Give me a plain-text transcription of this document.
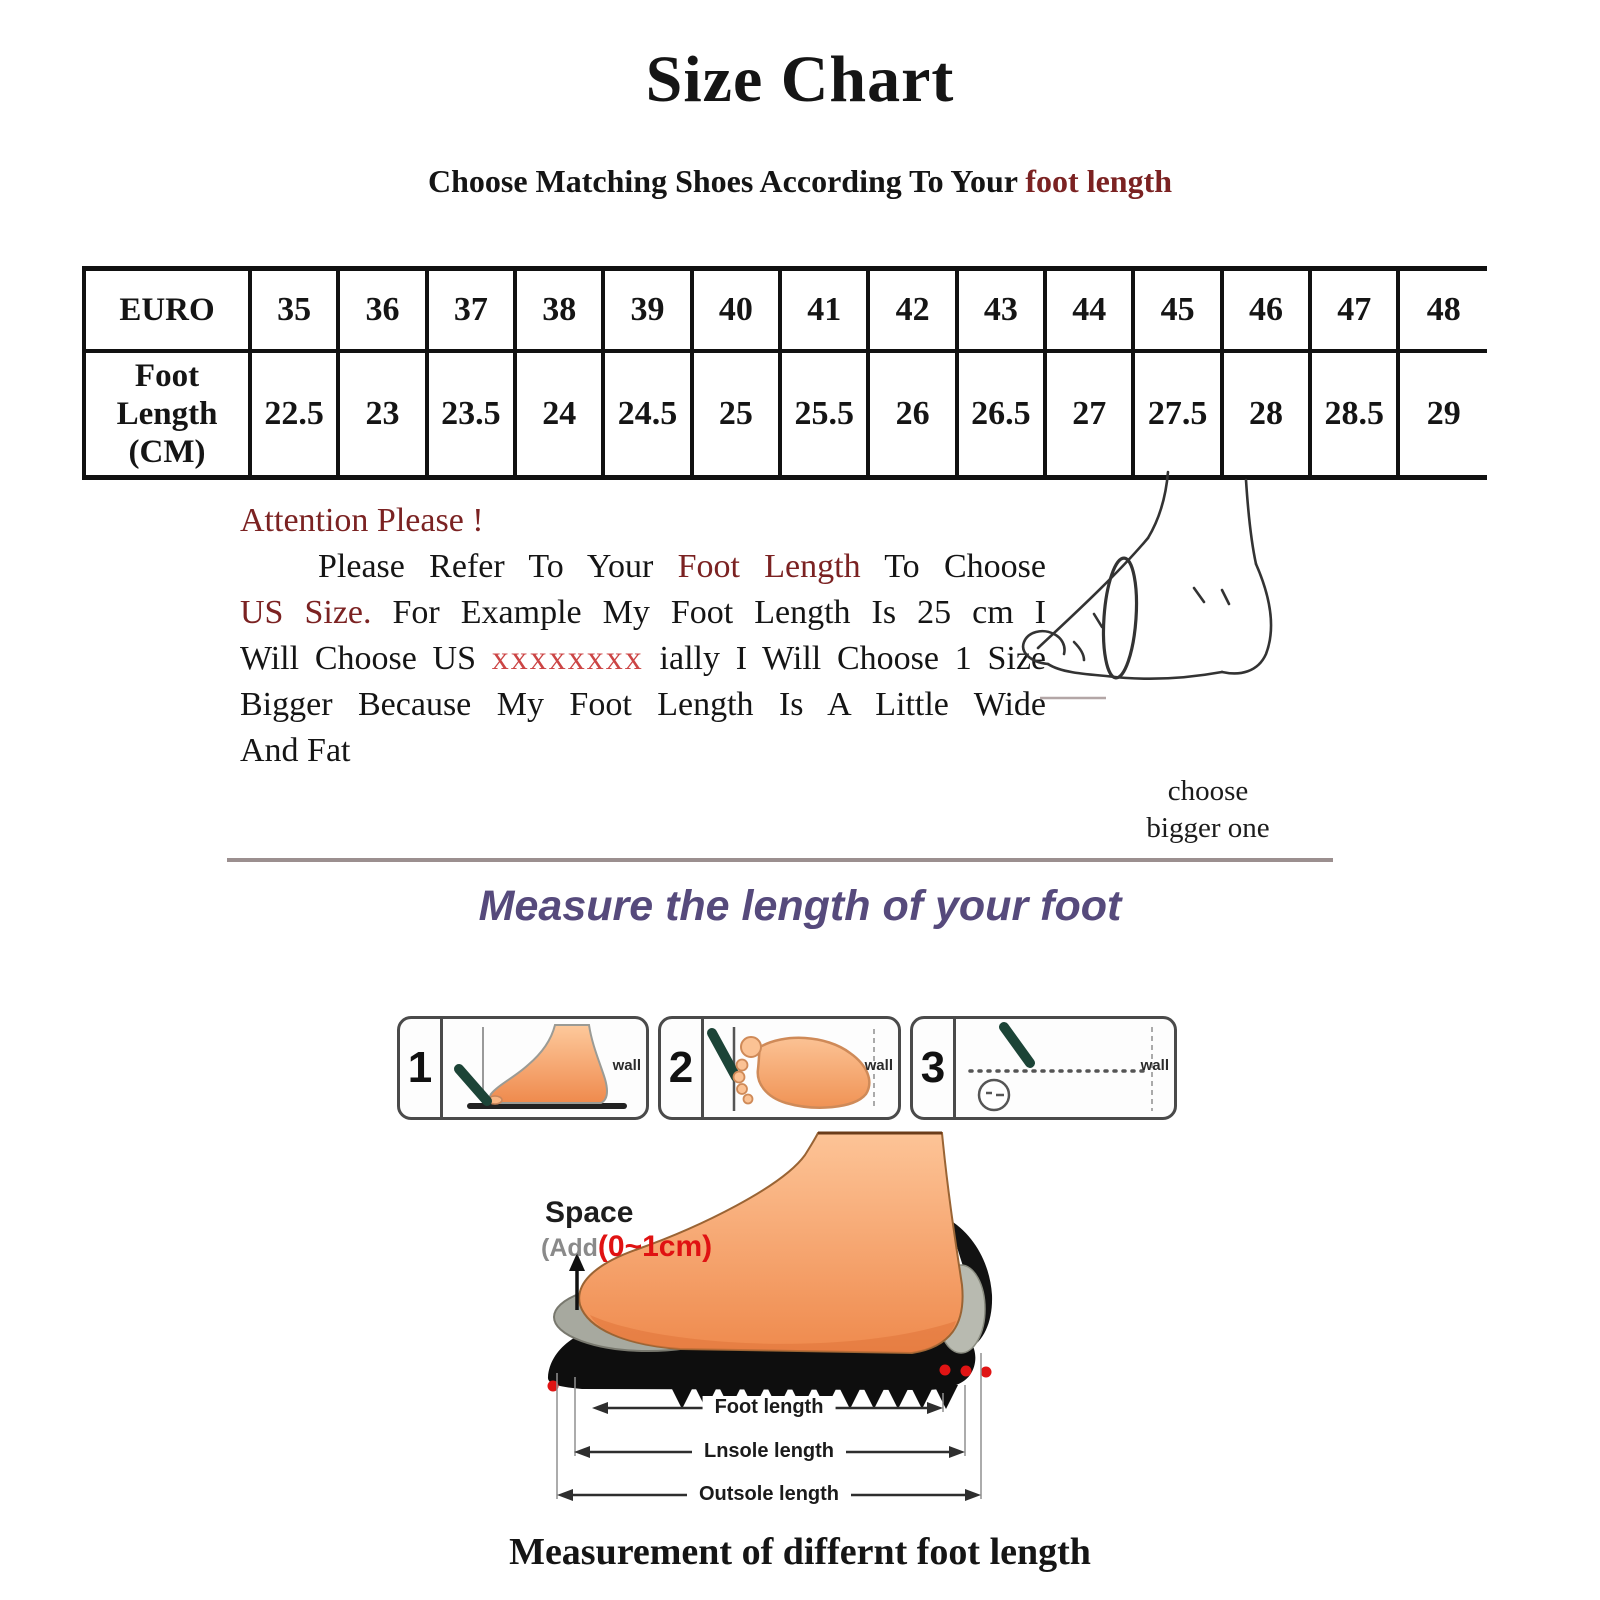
Size Chart
Choose Matching Shoes According To Your foot length
EURO	35	36	37	38	39	40	41	42	43	44	45	46	47	48
Foot Length (CM)	22.5	23	23.5	24	24.5	25	25.5	26	26.5	27	27.5	28	28.5	29
Attention Please !
Please Refer To Your Foot Length To Choose
US Size. For Example My Foot Length Is 25 cm I
Will Choose US xxxxxxxx ially I Will Choose 1 Size
Bigger Because My Foot Length Is A Little Wide
And Fat
choose
bigger one
Measure the length of your foot
1	wall 2	wall 3	wall
Space
(Add(0~1cm)
Foot length
Lnsole length
Outsole length
Measurement of differnt foot length
